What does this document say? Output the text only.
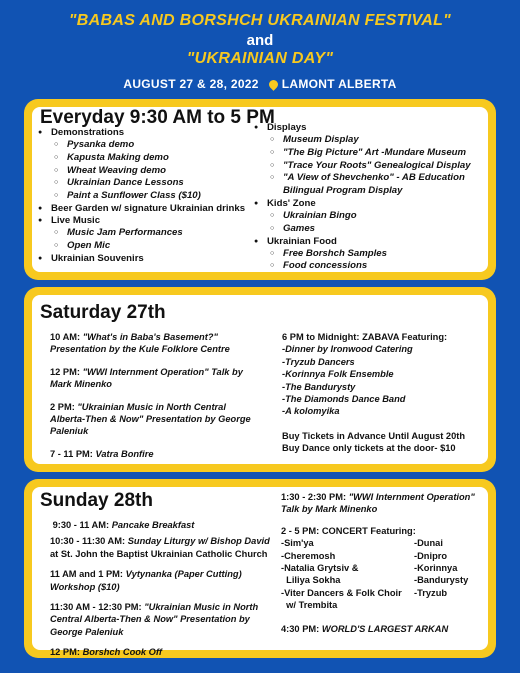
"BABAS AND BORSHCH UKRAINIAN FESTIVAL"
and
"UKRAINIAN DAY"
AUGUST 27 & 28, 2022 LAMONT ALBERTA
Everyday 9:30 AM to 5 PM
● Demonstrations
○ Pysanka demo
○ Kapusta Making demo
○ Wheat Weaving demo
○ Ukrainian Dance Lessons
○ Paint a Sunflower Class ($10)
● Beer Garden w/ signature Ukrainian drinks
● Live Music
○ Music Jam Performances
○ Open Mic
● Ukrainian Souvenirs
● Displays
○ Museum Display
○ "The Big Picture" Art -Mundare Museum
○ "Trace Your Roots" Genealogical Display
○ "A View of Shevchenko" - AB Education Bilingual Program Display
● Kids' Zone
○ Ukrainian Bingo
○ Games
● Ukrainian Food
○ Free Borshch Samples
○ Food concessions
Saturday 27th

10 AM: "What's in Baba's Basement?" Presentation by the Kule Folklore Centre

12 PM: "WWI Internment Operation" Talk by Mark Minenko

2 PM: "Ukrainian Music in North Central Alberta-Then & Now" Presentation by George Paleniuk

7 - 11 PM: Vatra Bonfire

6 PM to Midnight: ZABAVA Featuring:

-Dinner by Ironwood Catering

-Tryzub Dancers

-Korinnya Folk Ensemble

-The Bandurysty

-The Diamonds Dance Band

-A kolomyika

Buy Tickets in Advance Until August 20th

Buy Dance only tickets at the door- $10

Sunday 28th

9:30 - 11 AM: Pancake Breakfast

10:30 - 11:30 AM: Sunday Liturgy w/ Bishop David
at St. John the Baptist Ukrainian Catholic Church

11 AM and 1 PM: Vytynanka (Paper Cutting) Workshop ($10)

11:30 AM - 12:30 PM: "Ukrainian Music in North Central Alberta-Then & Now" Presentation by George Paleniuk

12 PM: Borshch Cook Off

1:30 - 2:30 PM: "WWI Internment Operation" Talk by Mark Minenko

2 - 5 PM: CONCERT Featuring:

-Sim'ya

-Cheremosh

-Natalia Grytsiv &

Liliya Sokha

-Viter Dancers & Folk Choir

w/ Trembita

-Dunai

-Dnipro

-Korinnya

-Bandurysty

-Tryzub

4:30 PM: WORLD'S LARGEST ARKAN
